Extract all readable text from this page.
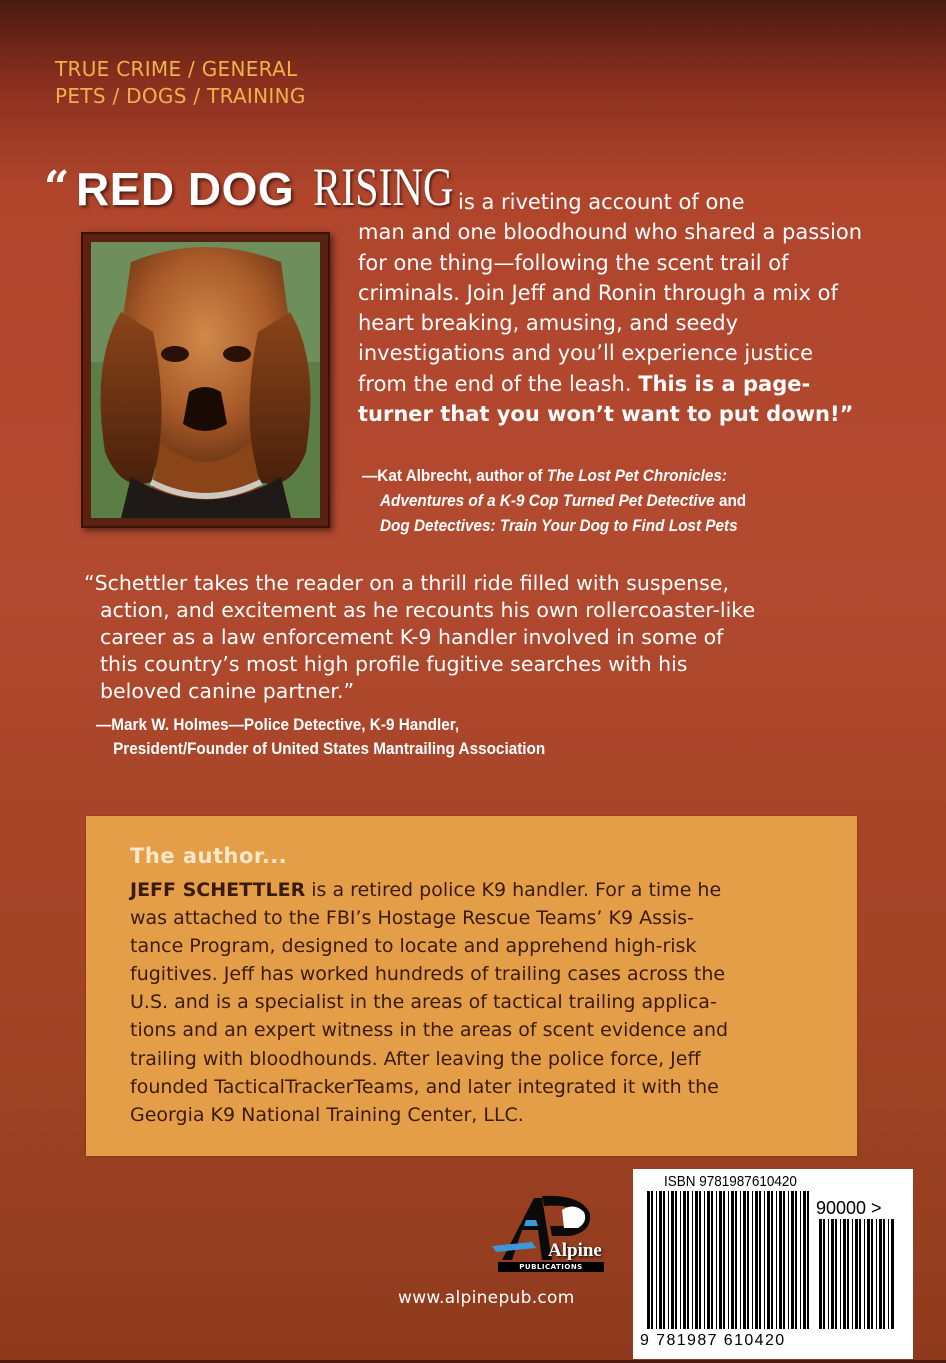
TRUE CRIME / GENERAL
PETS / DOGS / TRAINING
“ RED DOG RISING is a riveting account of one
man and one bloodhound who shared a passion for one thing—following the scent trail of criminals. Join Jeff and Ronin through a mix of heart breaking, amusing, and seedy investigations and you’ll experience justice from the end of the leash. This is a page-turner that you won’t want to put down!”
—Kat Albrecht, author of The Lost Pet Chronicles:
Adventures of a K-9 Cop Turned Pet Detective and
Dog Detectives: Train Your Dog to Find Lost Pets
“Schettler takes the reader on a thrill ride filled with suspense,
action, and excitement as he recounts his own rollercoaster-like
career as a law enforcement K-9 handler involved in some of
this country’s most high profile fugitive searches with his
beloved canine partner.”
—Mark W. Holmes—Police Detective, K-9 Handler,
President/Founder of United States Mantrailing Association
The author...
JEFF SCHETTLER is a retired police K9 handler. For a time he
was attached to the FBI’s Hostage Rescue Teams’ K9 Assis-
tance Program, designed to locate and apprehend high-risk
fugitives. Jeff has worked hundreds of trailing cases across the
U.S. and is a specialist in the areas of tactical trailing applica-
tions and an expert witness in the areas of scent evidence and
trailing with bloodhounds. After leaving the police force, Jeff
founded TacticalTrackerTeams, and later integrated it with the
Georgia K9 National Training Center, LLC.
Alpine
PUBLICATIONS
www.alpinepub.com
ISBN 9781987610420
90000 >
9 781987 610420
